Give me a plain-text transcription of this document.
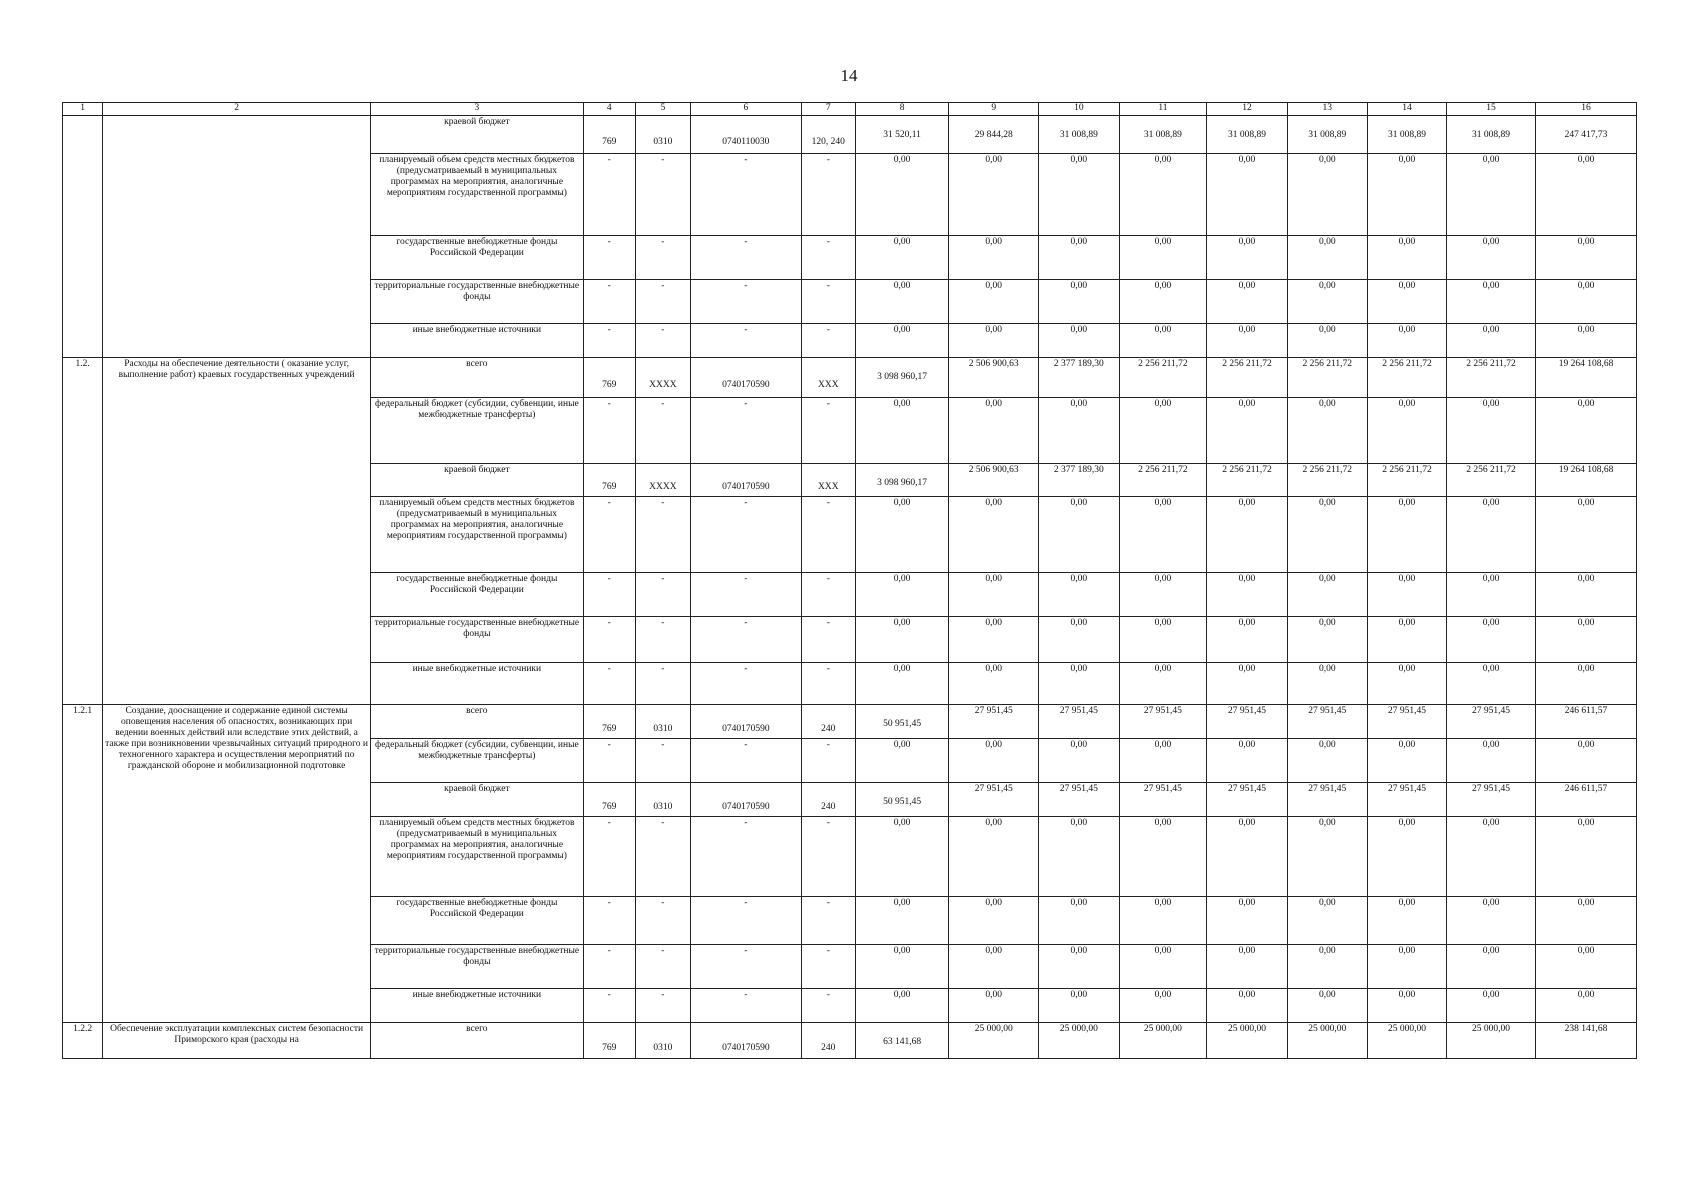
14
1	2	3	4	5	6	7	8	9	10	11	12	13	14	15	16
		краевой бюджет	769	0310	0740110030	120, 240	31 520,11	29 844,28	31 008,89	31 008,89	31 008,89	31 008,89	31 008,89	31 008,89	247 417,73
		планируемый объем средств местных бюджетов (предусматриваемый в муниципальных программах на мероприятия, аналогичные мероприятиям государственной программы)	-	-	-	-	0,00	0,00	0,00	0,00	0,00	0,00	0,00	0,00	0,00
		государственные внебюджетные фонды Российской Федерации	-	-	-	-	0,00	0,00	0,00	0,00	0,00	0,00	0,00	0,00	0,00
		территориальные государственные внебюджетные фонды	-	-	-	-	0,00	0,00	0,00	0,00	0,00	0,00	0,00	0,00	0,00
		иные внебюджетные источники	-	-	-	-	0,00	0,00	0,00	0,00	0,00	0,00	0,00	0,00	0,00
1.2.	Расходы на обеспечение деятельности ( оказание услуг, выполнение работ) краевых государственных учреждений	всего	769	XXXX	0740170590	XXX	3 098 960,17	2 506 900,63	2 377 189,30	2 256 211,72	2 256 211,72	2 256 211,72	2 256 211,72	2 256 211,72	19 264 108,68
		федеральный бюджет (субсидии, субвенции, иные межбюджетные трансферты)	-	-	-	-	0,00	0,00	0,00	0,00	0,00	0,00	0,00	0,00	0,00
		краевой бюджет	769	XXXX	0740170590	XXX	3 098 960,17	2 506 900,63	2 377 189,30	2 256 211,72	2 256 211,72	2 256 211,72	2 256 211,72	2 256 211,72	19 264 108,68
		планируемый объем средств местных бюджетов (предусматриваемый в муниципальных программах на мероприятия, аналогичные мероприятиям государственной программы)	-	-	-	-	0,00	0,00	0,00	0,00	0,00	0,00	0,00	0,00	0,00
		государственные внебюджетные фонды Российской Федерации	-	-	-	-	0,00	0,00	0,00	0,00	0,00	0,00	0,00	0,00	0,00
		территориальные государственные внебюджетные фонды	-	-	-	-	0,00	0,00	0,00	0,00	0,00	0,00	0,00	0,00	0,00
		иные внебюджетные источники	-	-	-	-	0,00	0,00	0,00	0,00	0,00	0,00	0,00	0,00	0,00
1.2.1	Создание, дооснащение и содержание единой системы оповещения населения об опасностях, возникающих при ведении военных действий или вследствие этих действий, а также при возникновении чрезвычайных ситуаций природного и техногенного характера и осуществления мероприятий по гражданской обороне и мобилизационной подготовке	всего	769	0310	0740170590	240	50 951,45	27 951,45	27 951,45	27 951,45	27 951,45	27 951,45	27 951,45	27 951,45	246 611,57
		федеральный бюджет (субсидии, субвенции, иные межбюджетные трансферты)	-	-	-	-	0,00	0,00	0,00	0,00	0,00	0,00	0,00	0,00	0,00
		краевой бюджет	769	0310	0740170590	240	50 951,45	27 951,45	27 951,45	27 951,45	27 951,45	27 951,45	27 951,45	27 951,45	246 611,57
		планируемый объем средств местных бюджетов (предусматриваемый в муниципальных программах на мероприятия, аналогичные мероприятиям государственной программы)	-	-	-	-	0,00	0,00	0,00	0,00	0,00	0,00	0,00	0,00	0,00
		государственные внебюджетные фонды Российской Федерации	-	-	-	-	0,00	0,00	0,00	0,00	0,00	0,00	0,00	0,00	0,00
		территориальные государственные внебюджетные фонды	-	-	-	-	0,00	0,00	0,00	0,00	0,00	0,00	0,00	0,00	0,00
		иные внебюджетные источники	-	-	-	-	0,00	0,00	0,00	0,00	0,00	0,00	0,00	0,00	0,00
1.2.2	Обеспечение эксплуатации комплексных систем безопасности Приморского края (расходы на	всего	769	0310	0740170590	240	63 141,68	25 000,00	25 000,00	25 000,00	25 000,00	25 000,00	25 000,00	25 000,00	238 141,68
